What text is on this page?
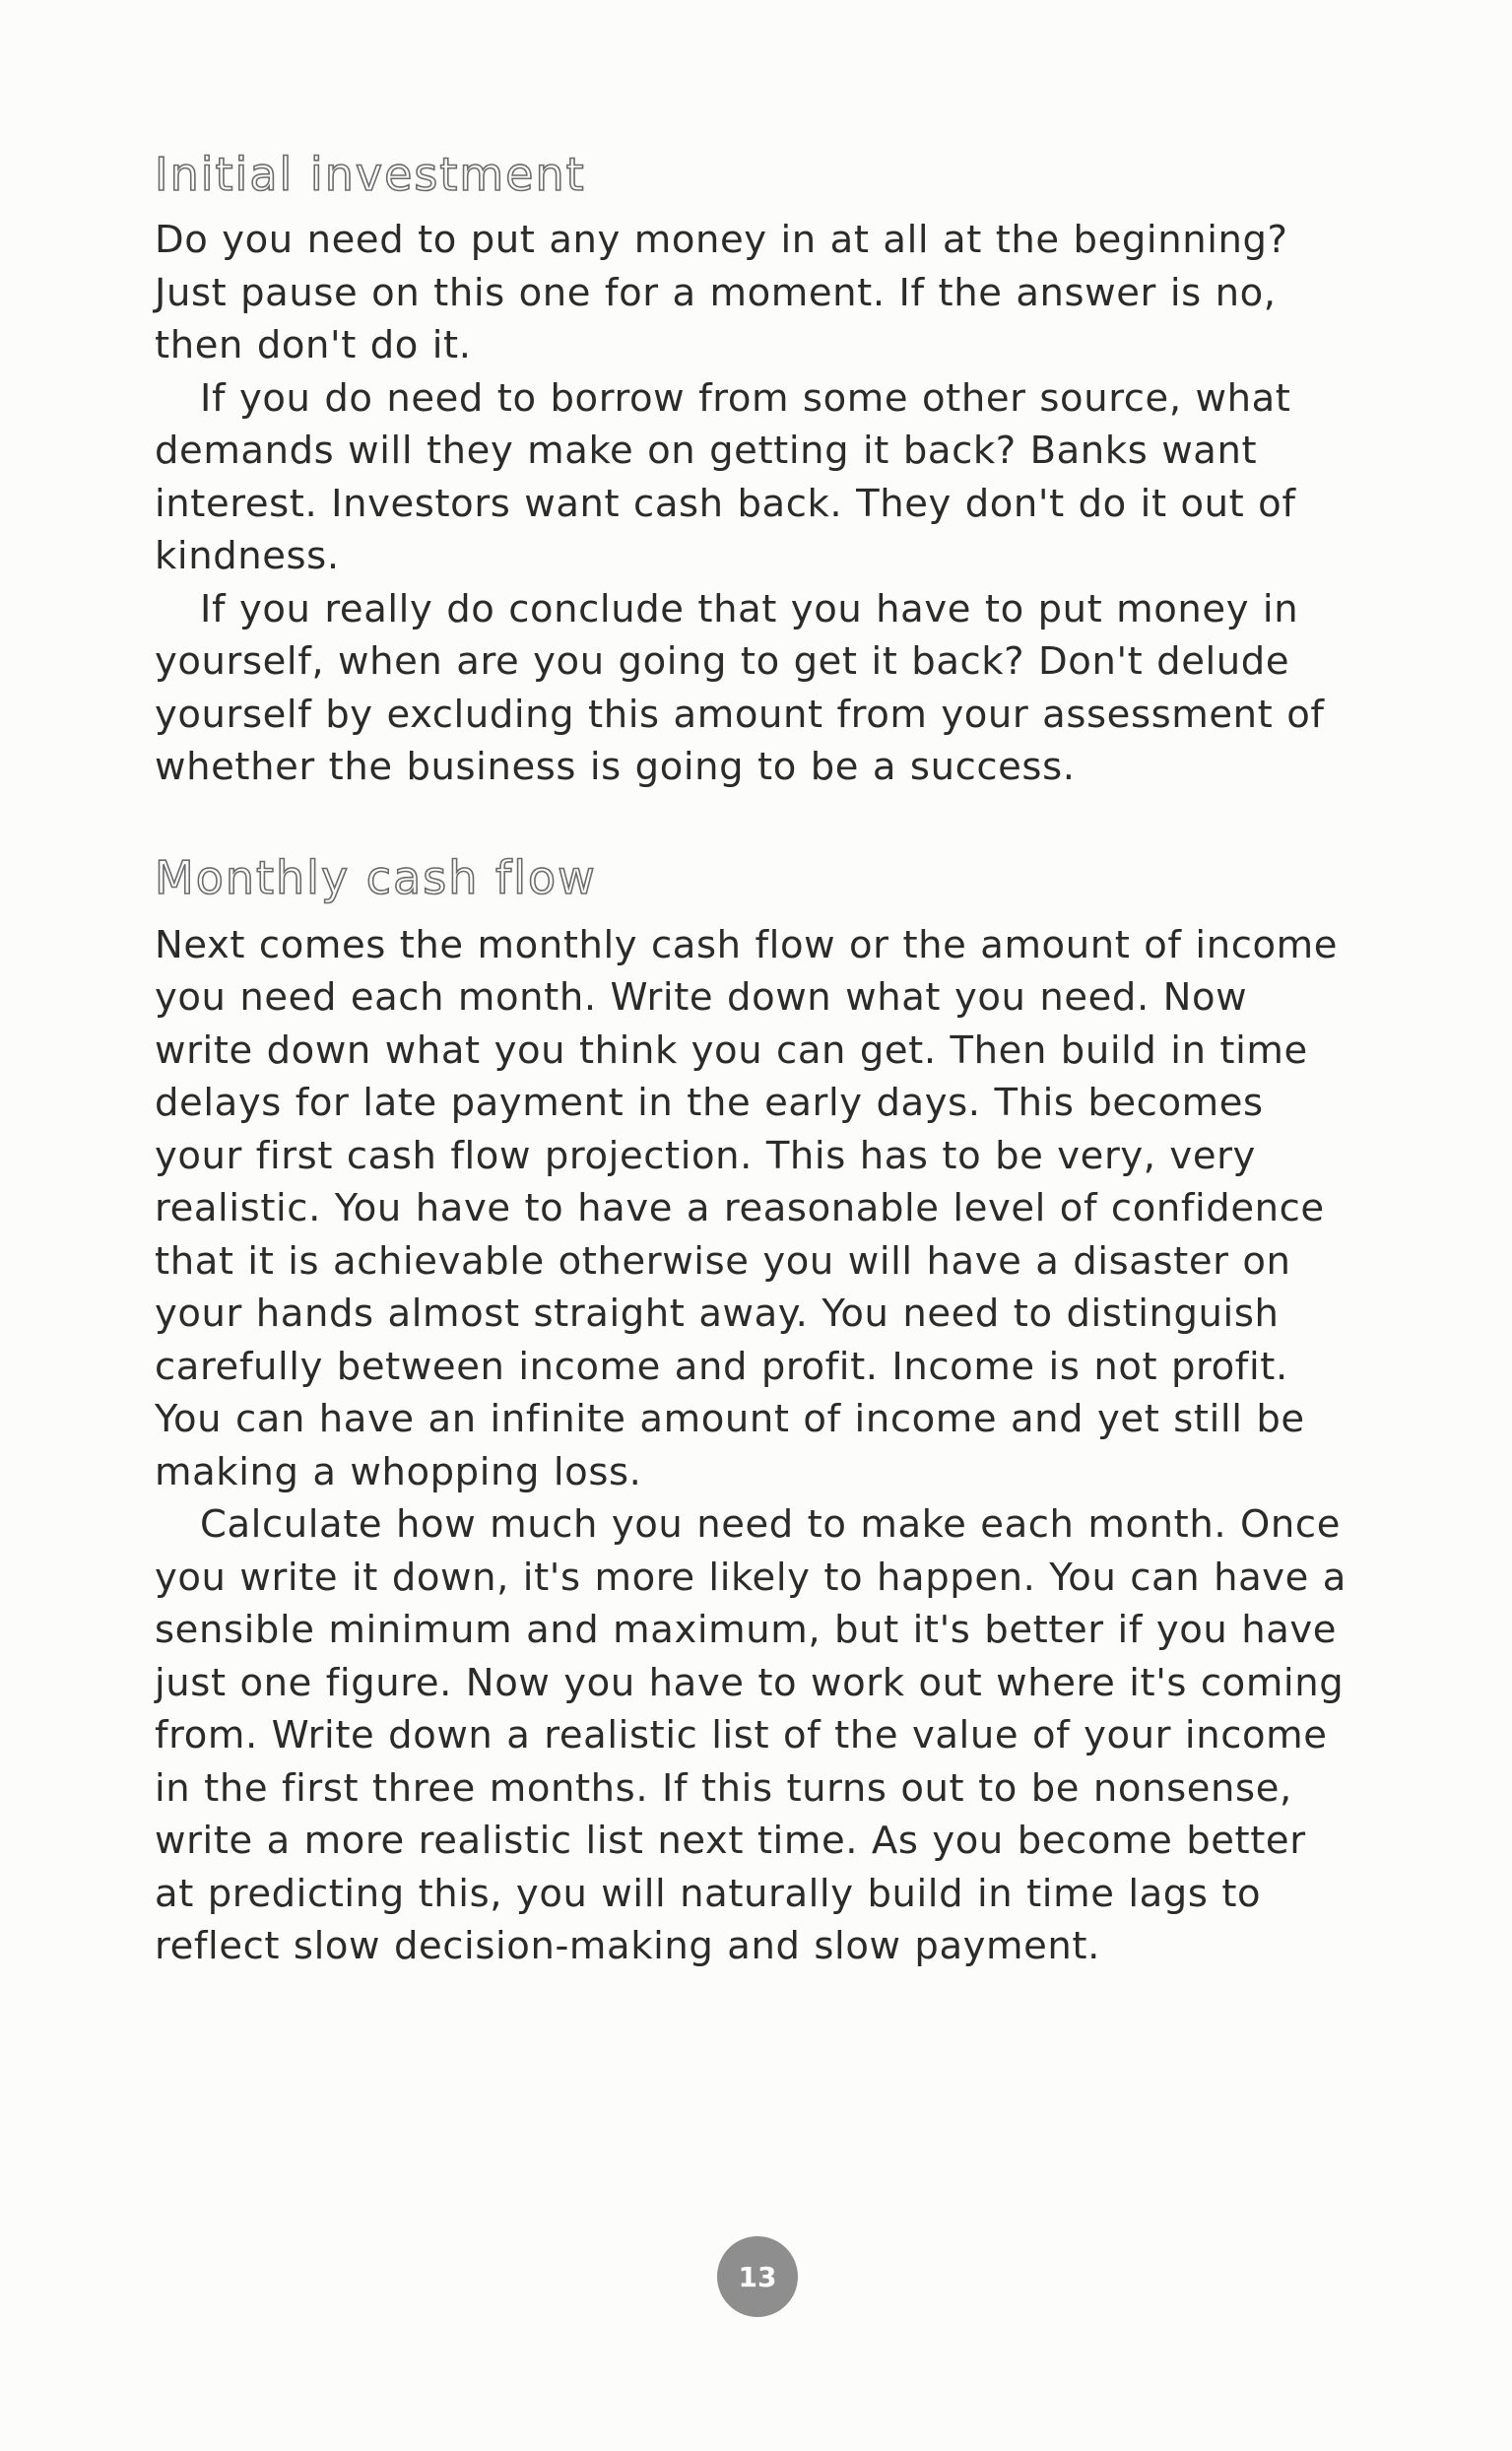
Initial investment

Do you need to put any money in at all at the beginning? Just pause on this one for a moment. If the answer is no, then don't do it.

If you do need to borrow from some other source, what demands will they make on getting it back? Banks want interest. Investors want cash back. They don't do it out of kindness.

If you really do conclude that you have to put money in yourself, when are you going to get it back? Don't delude yourself by excluding this amount from your assessment of whether the business is going to be a success.

Monthly cash flow

Next comes the monthly cash flow or the amount of income you need each month. Write down what you need. Now write down what you think you can get. Then build in time delays for late payment in the early days. This becomes your first cash flow projection. This has to be very, very realistic. You have to have a reasonable level of confidence that it is achievable otherwise you will have a disaster on your hands almost straight away. You need to distinguish carefully between income and profit. Income is not profit. You can have an infinite amount of income and yet still be making a whopping loss.

Calculate how much you need to make each month. Once you write it down, it's more likely to happen. You can have a sensible minimum and maximum, but it's better if you have just one figure. Now you have to work out where it's coming from. Write down a realistic list of the value of your income in the first three months. If this turns out to be nonsense, write a more realistic list next time. As you become better at predicting this, you will naturally build in time lags to reflect slow decision-making and slow payment.

13
